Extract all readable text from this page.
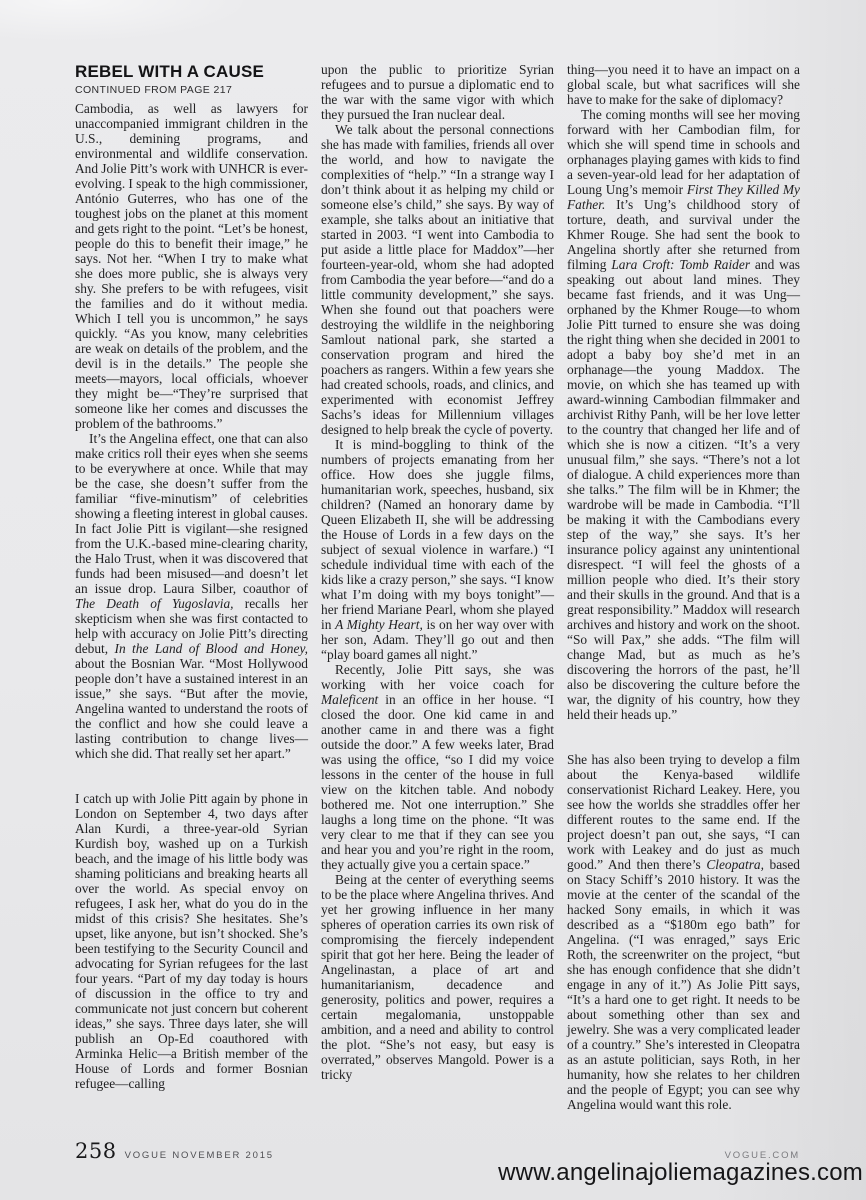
REBEL WITH A CAUSE
CONTINUED FROM PAGE 217

Cambodia, as well as lawyers for unaccompanied immigrant children in the U.S., demining programs, and environmental and wildlife conservation. And Jolie Pitt’s work with UNHCR is ever-evolving. I speak to the high commissioner, António Guterres, who has one of the toughest jobs on the planet at this moment and gets right to the point. “Let’s be honest, people do this to benefit their image,” he says. Not her. “When I try to make what she does more public, she is always very shy. She prefers to be with refugees, visit the families and do it without media. Which I tell you is uncommon,” he says quickly. “As you know, many celebrities are weak on details of the problem, and the devil is in the details.” The people she meets—mayors, local officials, whoever they might be—“They’re surprised that someone like her comes and discusses the problem of the bathrooms.”

It’s the Angelina effect, one that can also make critics roll their eyes when she seems to be everywhere at once. While that may be the case, she doesn’t suffer from the familiar “five-minutism” of celebrities showing a fleeting interest in global causes. In fact Jolie Pitt is vigilant—she resigned from the U.K.-based mine-clearing charity, the Halo Trust, when it was discovered that funds had been misused—and doesn’t let an issue drop. Laura Silber, coauthor of The Death of Yugoslavia, recalls her skepticism when she was first contacted to help with accuracy on Jolie Pitt’s directing debut, In the Land of Blood and Honey, about the Bosnian War. “Most Hollywood people don’t have a sustained interest in an issue,” she says. “But after the movie, Angelina wanted to understand the roots of the conflict and how she could leave a lasting contribution to change lives—which she did. That really set her apart.”

I catch up with Jolie Pitt again by phone in London on September 4, two days after Alan Kurdi, a three-year-old Syrian Kurdish boy, washed up on a Turkish beach, and the image of his little body was shaming politicians and breaking hearts all over the world. As special envoy on refugees, I ask her, what do you do in the midst of this crisis? She hesitates. She’s upset, like anyone, but isn’t shocked. She’s been testifying to the Security Council and advocating for Syrian refugees for the last four years. “Part of my day today is hours of discussion in the office to try and communicate not just concern but coherent ideas,” she says. Three days later, she will publish an Op-Ed coauthored with Arminka Helic—a British member of the House of Lords and former Bosnian refugee—calling

upon the public to prioritize Syrian refugees and to pursue a diplomatic end to the war with the same vigor with which they pursued the Iran nuclear deal.

We talk about the personal connections she has made with families, friends all over the world, and how to navigate the complexities of “help.” “In a strange way I don’t think about it as helping my child or someone else’s child,” she says. By way of example, she talks about an initiative that started in 2003. “I went into Cambodia to put aside a little place for Maddox”—her fourteen-year-old, whom she had adopted from Cambodia the year before—“and do a little community development,” she says. When she found out that poachers were destroying the wildlife in the neighboring Samlout national park, she started a conservation program and hired the poachers as rangers. Within a few years she had created schools, roads, and clinics, and experimented with economist Jeffrey Sachs’s ideas for Millennium villages designed to help break the cycle of poverty.

It is mind-boggling to think of the numbers of projects emanating from her office. How does she juggle films, humanitarian work, speeches, husband, six children? (Named an honorary dame by Queen Elizabeth II, she will be addressing the House of Lords in a few days on the subject of sexual violence in warfare.) “I schedule individual time with each of the kids like a crazy person,” she says. “I know what I’m doing with my boys tonight”—her friend Mariane Pearl, whom she played in A Mighty Heart, is on her way over with her son, Adam. They’ll go out and then “play board games all night.”

Recently, Jolie Pitt says, she was working with her voice coach for Maleficent in an office in her house. “I closed the door. One kid came in and another came in and there was a fight outside the door.” A few weeks later, Brad was using the office, “so I did my voice lessons in the center of the house in full view on the kitchen table. And nobody bothered me. Not one interruption.” She laughs a long time on the phone. “It was very clear to me that if they can see you and hear you and you’re right in the room, they actually give you a certain space.”

Being at the center of everything seems to be the place where Angelina thrives. And yet her growing influence in her many spheres of operation carries its own risk of compromising the fiercely independent spirit that got her here. Being the leader of Angelinastan, a place of art and humanitarianism, decadence and generosity, politics and power, requires a certain megalomania, unstoppable ambition, and a need and ability to control the plot. “She’s not easy, but easy is overrated,” observes Mangold. Power is a tricky

thing—you need it to have an impact on a global scale, but what sacrifices will she have to make for the sake of diplomacy?

The coming months will see her moving forward with her Cambodian film, for which she will spend time in schools and orphanages playing games with kids to find a seven-year-old lead for her adaptation of Loung Ung’s memoir First They Killed My Father. It’s Ung’s childhood story of torture, death, and survival under the Khmer Rouge. She had sent the book to Angelina shortly after she returned from filming Lara Croft: Tomb Raider and was speaking out about land mines. They became fast friends, and it was Ung—orphaned by the Khmer Rouge—to whom Jolie Pitt turned to ensure she was doing the right thing when she decided in 2001 to adopt a baby boy she’d met in an orphanage—the young Maddox. The movie, on which she has teamed up with award-winning Cambodian filmmaker and archivist Rithy Panh, will be her love letter to the country that changed her life and of which she is now a citizen. “It’s a very unusual film,” she says. “There’s not a lot of dialogue. A child experiences more than she talks.” The film will be in Khmer; the wardrobe will be made in Cambodia. “I’ll be making it with the Cambodians every step of the way,” she says. It’s her insurance policy against any unintentional disrespect. “I will feel the ghosts of a million people who died. It’s their story and their skulls in the ground. And that is a great responsibility.” Maddox will research archives and history and work on the shoot. “So will Pax,” she adds. “The film will change Mad, but as much as he’s discovering the horrors of the past, he’ll also be discovering the culture before the war, the dignity of his country, how they held their heads up.”

She has also been trying to develop a film about the Kenya-based wildlife conservationist Richard Leakey. Here, you see how the worlds she straddles offer her different routes to the same end. If the project doesn’t pan out, she says, “I can work with Leakey and do just as much good.” And then there’s Cleopatra, based on Stacy Schiff’s 2010 history. It was the movie at the center of the scandal of the hacked Sony emails, in which it was described as a “$180m ego bath” for Angelina. (“I was enraged,” says Eric Roth, the screenwriter on the project, “but she has enough confidence that she didn’t engage in any of it.”) As Jolie Pitt says, “It’s a hard one to get right. It needs to be about something other than sex and jewelry. She was a very complicated leader of a country.” She’s interested in Cleopatra as an astute politician, says Roth, in her humanity, how she relates to her children and the people of Egypt; you can see why Angelina would want this role.

258 VOGUE NOVEMBER 2015	VOGUE.COM
www.angelinajoliemagazines.com
